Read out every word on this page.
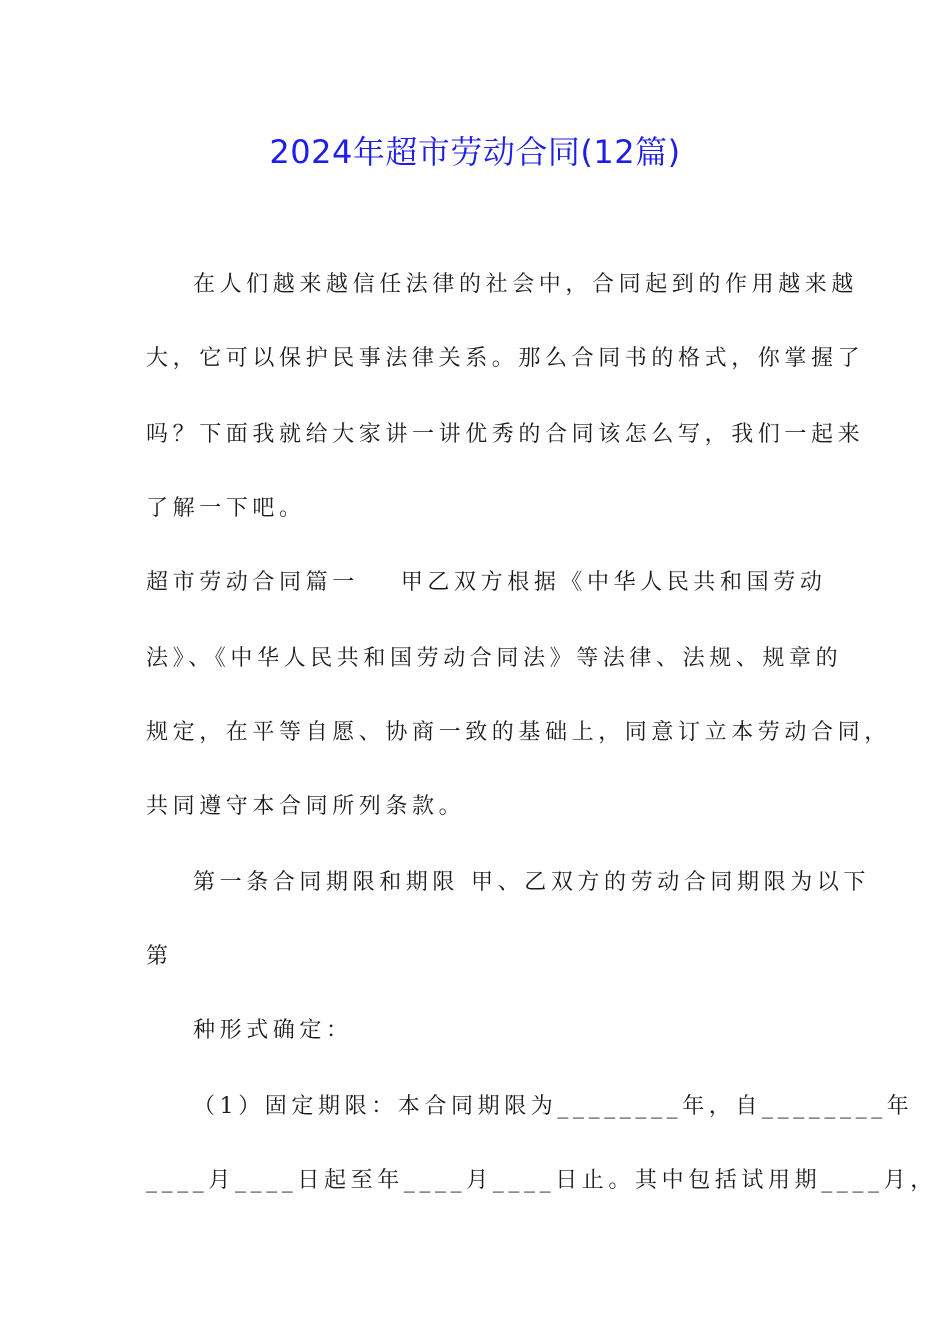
2024年超市劳动合同(12篇)
在人们越来越信任法律的社会中，合同起到的作用越来越
大，它可以保护民事法律关系。那么合同书的格式，你掌握了
吗？下面我就给大家讲一讲优秀的合同该怎么写，我们一起来
了解一下吧。
超市劳动合同篇一 甲乙双方根据《中华人民共和国劳动
法》、《中华人民共和国劳动合同法》等法律、法规、规章的
规定，在平等自愿、协商一致的基础上，同意订立本劳动合同，
共同遵守本合同所列条款。
第一条合同期限和期限 甲、乙双方的劳动合同期限为以下
第
种形式确定：
（1）固定期限：本合同期限为________年，自________年
____月____日起至年____月____日止。其中包括试用期____月，
